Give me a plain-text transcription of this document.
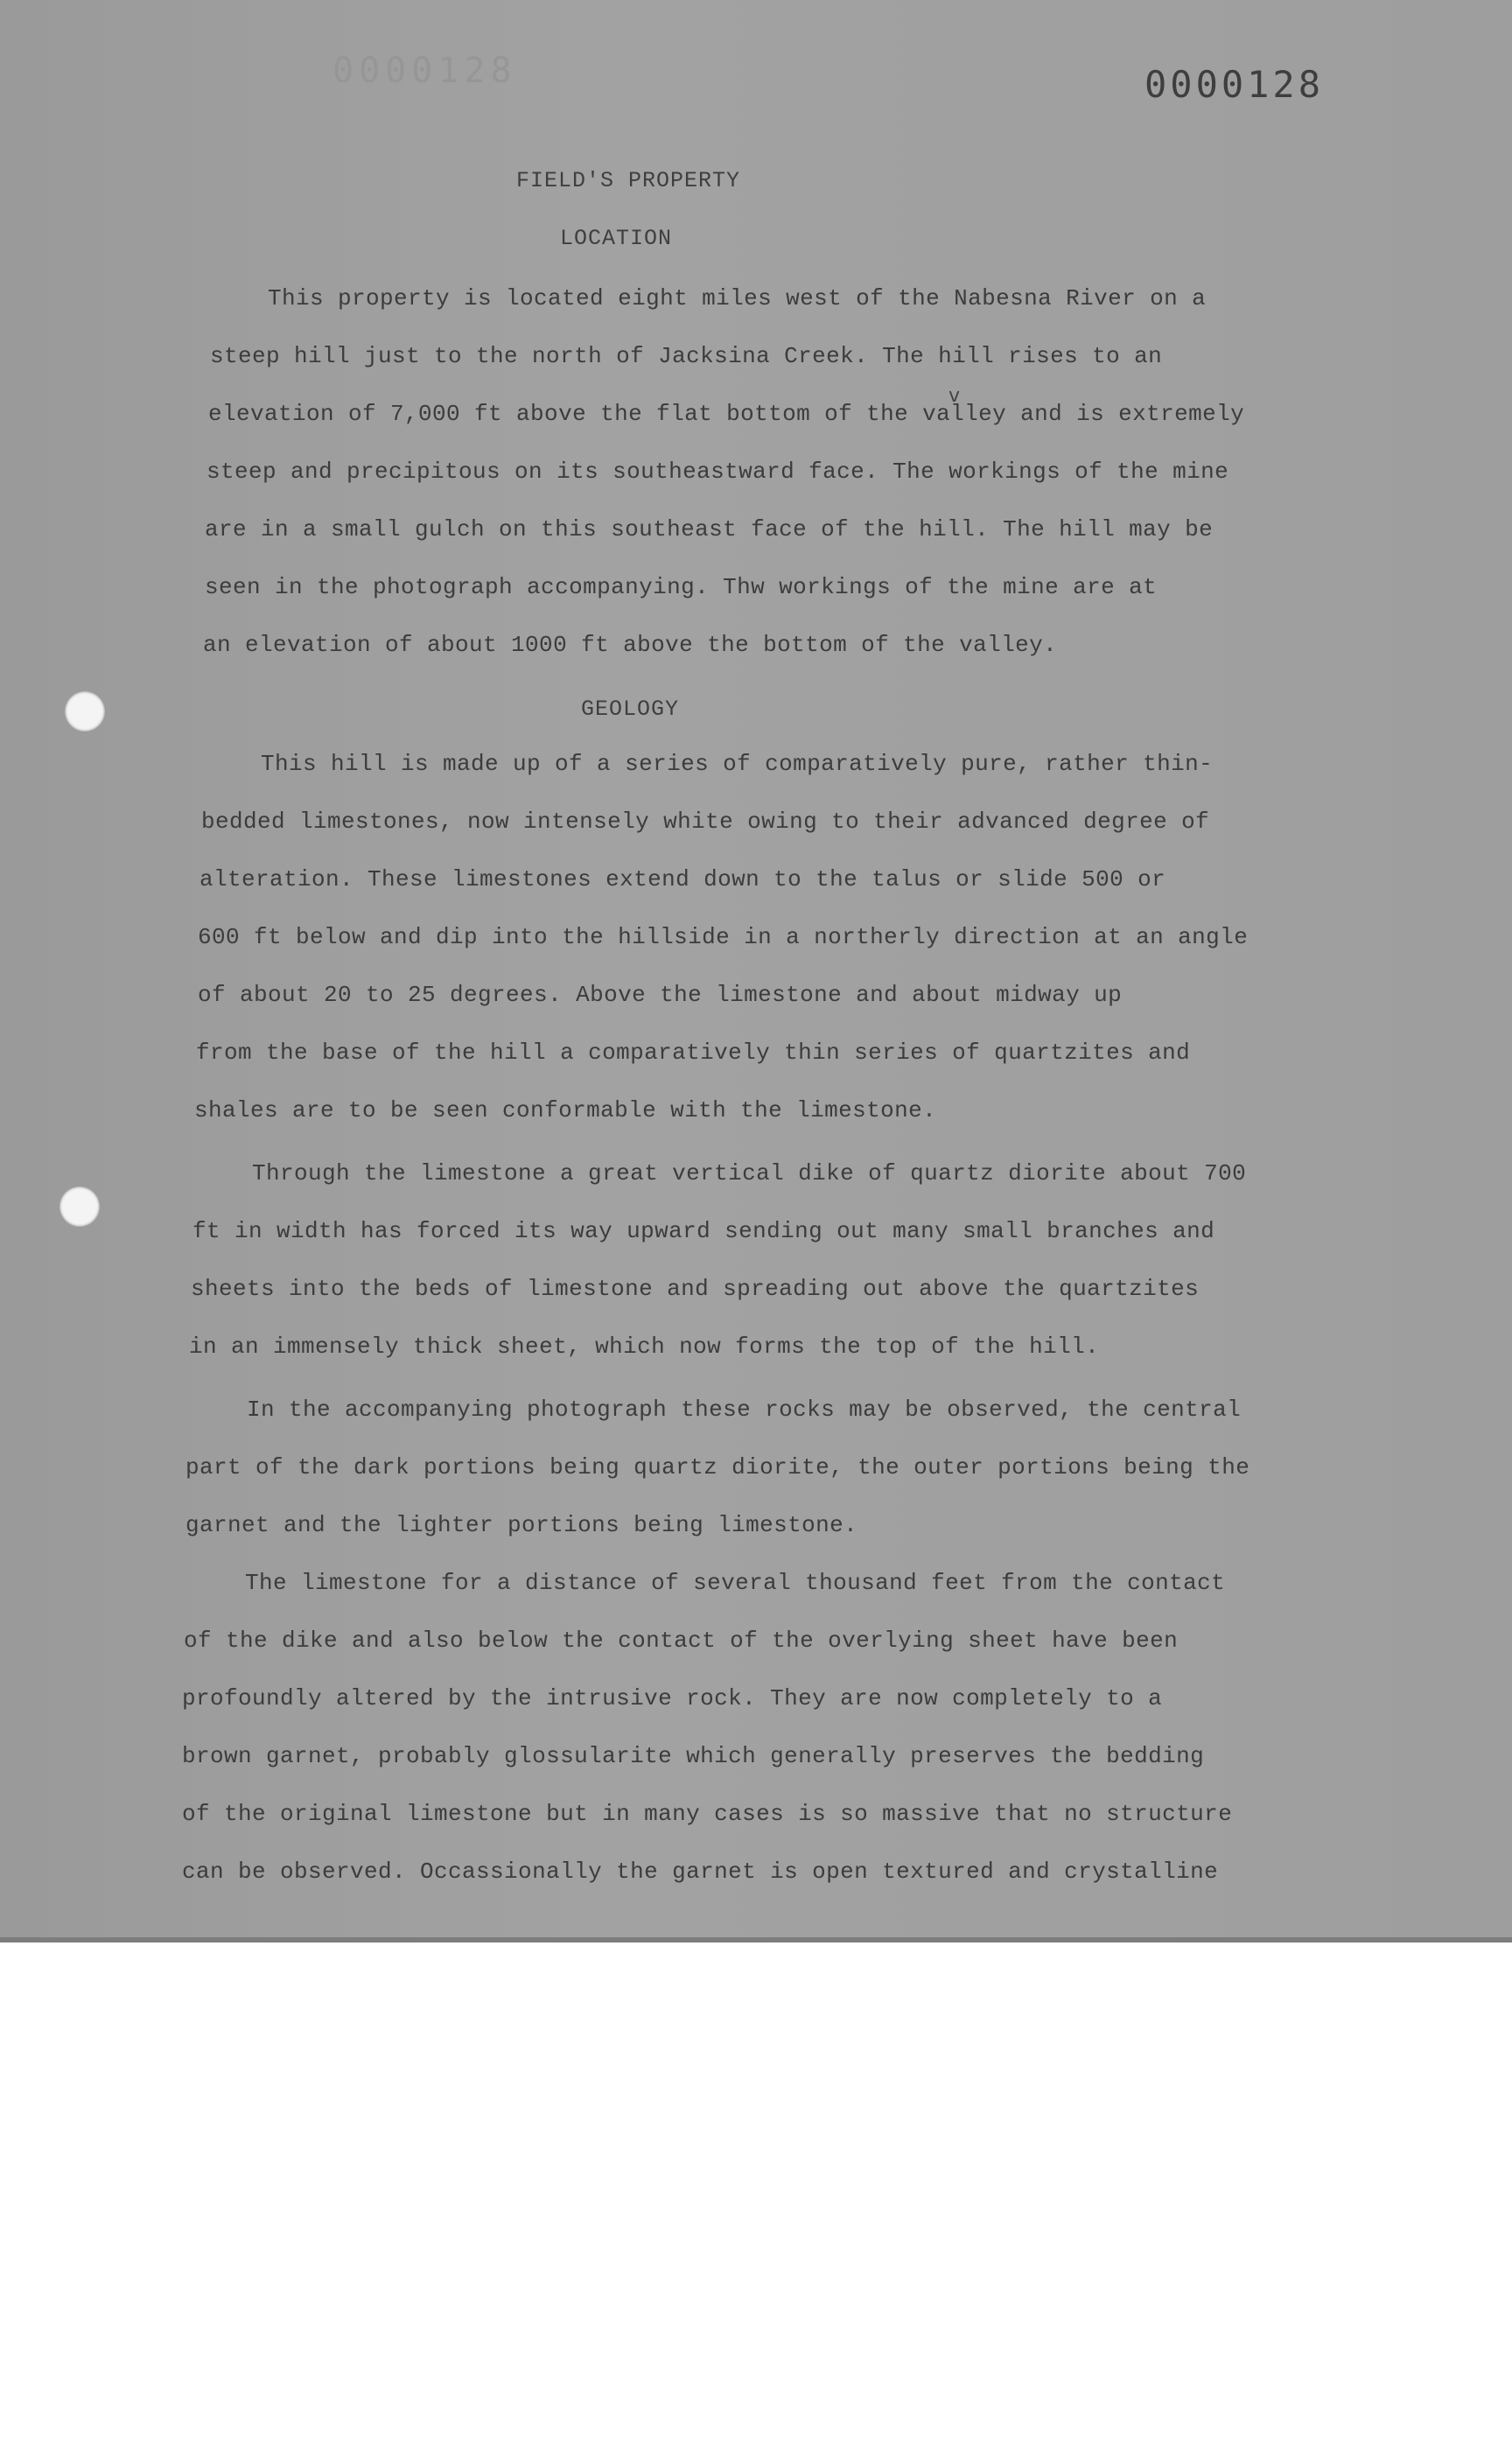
0000128	0000128
FIELD'S PROPERTY
LOCATION
v
This property is located eight miles west of the Nabesna River on a
steep hill just to the north of Jacksina Creek. The hill rises to an
elevation of 7,000 ft above the flat bottom of the valley and is extremely
steep and precipitous on its southeastward face. The workings of the mine
are in a small gulch on this southeast face of the hill. The hill may be
seen in the photograph accompanying. Thw workings of the mine are at
an elevation of about 1000 ft above the bottom of the valley.
GEOLOGY
This hill is made up of a series of comparatively pure, rather thin-
bedded limestones, now intensely white owing to their advanced degree of
alteration. These limestones extend down to the talus or slide 500 or
600 ft below and dip into the hillside in a northerly direction at an angle
of about 20 to 25 degrees. Above the limestone and about midway up
from the base of the hill a comparatively thin series of quartzites and
shales are to be seen conformable with the limestone.
Through the limestone a great vertical dike of quartz diorite about 700
ft in width has forced its way upward sending out many small branches and
sheets into the beds of limestone and spreading out above the quartzites
in an immensely thick sheet, which now forms the top of the hill.
In the accompanying photograph these rocks may be observed, the central
part of the dark portions being quartz diorite, the outer portions being the
garnet and the lighter portions being limestone.
The limestone for a distance of several thousand feet from the contact
of the dike and also below the contact of the overlying sheet have been
profoundly altered by the intrusive rock. They are now completely to a
brown garnet, probably glossularite which generally preserves the bedding
of the original limestone but in many cases is so massive that no structure
can be observed. Occassionally the garnet is open textured and crystalline
